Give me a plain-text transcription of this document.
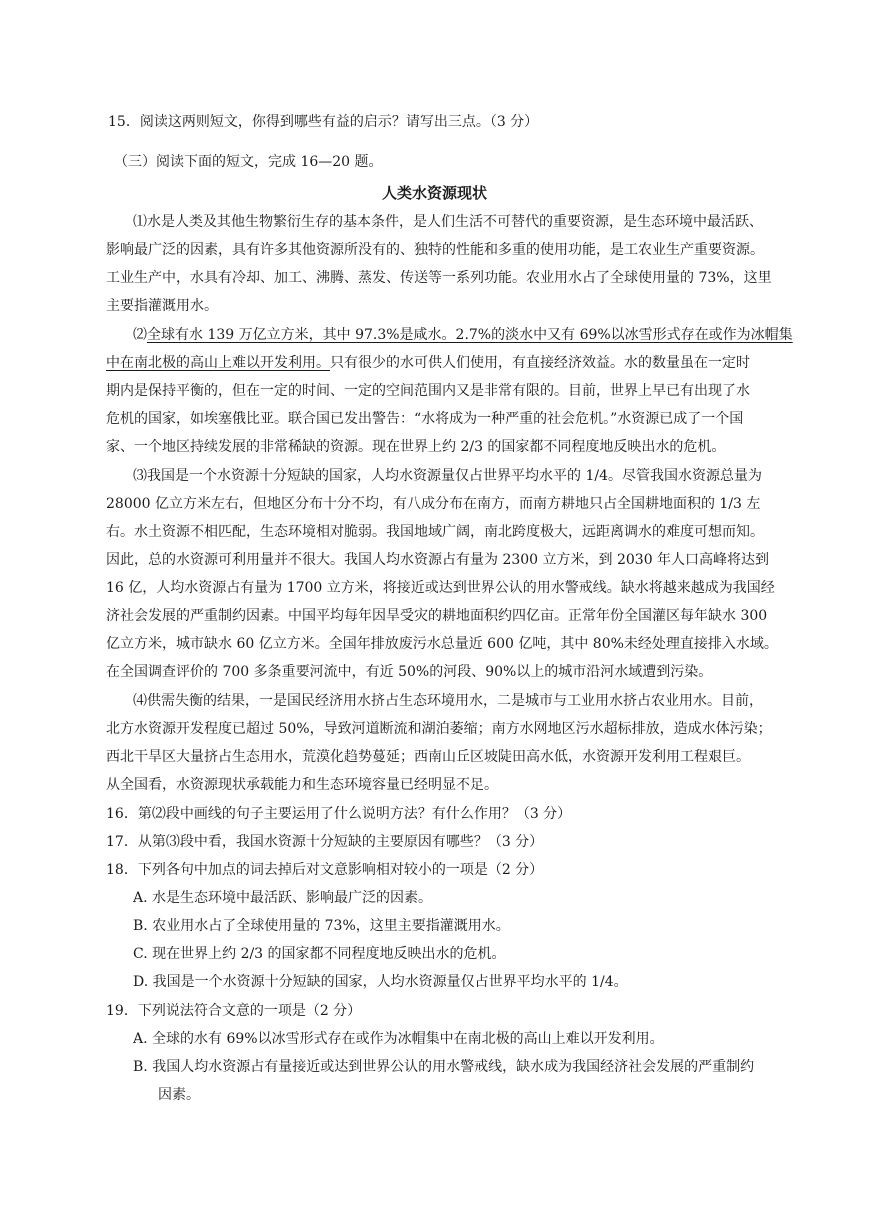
15．阅读这两则短文，你得到哪些有益的启示？请写出三点。（3 分）
（三）阅读下面的短文，完成 16—20 题。
人类水资源现状
⑴水是人类及其他生物繁衍生存的基本条件，是人们生活不可替代的重要资源，是生态环境中最活跃、
影响最广泛的因素，具有许多其他资源所没有的、独特的性能和多重的使用功能，是工农业生产重要资源。
工业生产中，水具有冷却、加工、沸腾、蒸发、传送等一系列功能。农业用水占了全球使用量的 73%，这里
主要指灌溉用水。
⑵全球有水 139 万亿立方米，其中 97.3%是咸水。2.7%的淡水中又有 69%以冰雪形式存在或作为冰帽集
中在南北极的高山上难以开发利用。只有很少的水可供人们使用，有直接经济效益。水的数量虽在一定时
期内是保持平衡的，但在一定的时间、一定的空间范围内又是非常有限的。目前，世界上早已有出现了水
危机的国家，如埃塞俄比亚。联合国已发出警告：“水将成为一种严重的社会危机。”水资源已成了一个国
家、一个地区持续发展的非常稀缺的资源。现在世界上约 2/3 的国家都不同程度地反映出水的危机。
⑶我国是一个水资源十分短缺的国家，人均水资源量仅占世界平均水平的 1/4。尽管我国水资源总量为
28000 亿立方米左右，但地区分布十分不均，有八成分布在南方，而南方耕地只占全国耕地面积的 1/3 左
右。水土资源不相匹配，生态环境相对脆弱。我国地域广阔，南北跨度极大，远距离调水的难度可想而知。
因此，总的水资源可利用量并不很大。我国人均水资源占有量为 2300 立方米，到 2030 年人口高峰将达到
16 亿，人均水资源占有量为 1700 立方米，将接近或达到世界公认的用水警戒线。缺水将越来越成为我国经
济社会发展的严重制约因素。中国平均每年因旱受灾的耕地面积约四亿亩。正常年份全国灌区每年缺水 300
亿立方米，城市缺水 60 亿立方米。全国年排放废污水总量近 600 亿吨，其中 80%未经处理直接排入水域。
在全国调查评价的 700 多条重要河流中，有近 50%的河段、90%以上的城市沿河水域遭到污染。
⑷供需失衡的结果，一是国民经济用水挤占生态环境用水，二是城市与工业用水挤占农业用水。目前，
北方水资源开发程度已超过 50%，导致河道断流和湖泊萎缩；南方水网地区污水超标排放，造成水体污染；
西北干旱区大量挤占生态用水，荒漠化趋势蔓延；西南山丘区坡陡田高水低，水资源开发利用工程艰巨。
从全国看，水资源现状承载能力和生态环境容量已经明显不足。
16．第⑵段中画线的句子主要运用了什么说明方法？有什么作用？（3 分）
17．从第⑶段中看，我国水资源十分短缺的主要原因有哪些？（3 分）
18．下列各句中加点的词去掉后对文意影响相对较小的一项是（2 分）
A. 水是生态环境中最活跃、影响最广泛的因素。
B. 农业用水占了全球使用量的 73%，这里主要指灌溉用水。
C. 现在世界上约 2/3 的国家都不同程度地反映出水的危机。
D. 我国是一个水资源十分短缺的国家，人均水资源量仅占世界平均水平的 1/4。
19．下列说法符合文意的一项是（2 分）
A. 全球的水有 69%以冰雪形式存在或作为冰帽集中在南北极的高山上难以开发利用。
B. 我国人均水资源占有量接近或达到世界公认的用水警戒线，缺水成为我国经济社会发展的严重制约
因素。
